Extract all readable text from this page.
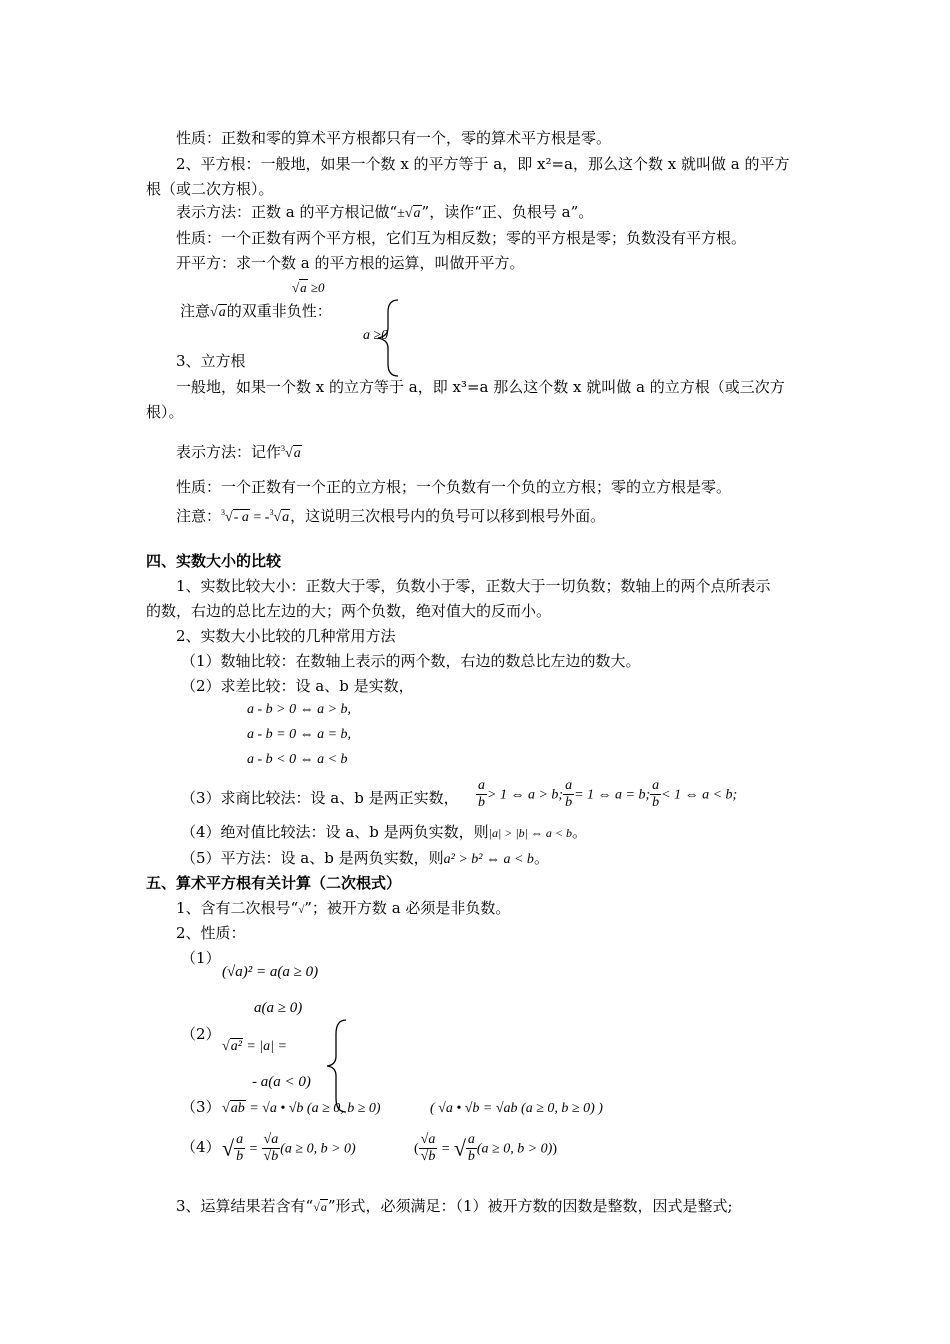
性质：正数和零的算术平方根都只有一个，零的算术平方根是零。
2、平方根：一般地，如果一个数 x 的平方等于 a，即 x²=a，那么这个数 x 就叫做 a 的平方
根（或二次方根）。
表示方法：正数 a 的平方根记做“±√a”，读作“正、负根号 a”。
性质：一个正数有两个平方根，它们互为相反数；零的平方根是零；负数没有平方根。
开平方：求一个数 a 的平方根的运算，叫做开平方。
√a ≥0
注意√a的双重非负性：
a ≥0
3、立方根
一般地，如果一个数 x 的立方等于 a，即 x³=a 那么这个数 x 就叫做 a 的立方根（或三次方
根）。
表示方法：记作$^3$√a
性质：一个正数有一个正的立方根；一个负数有一个负的立方根；零的立方根是零。
注意：$^3$√- a = -$^3$√a，这说明三次根号内的负号可以移到根号外面。
四、实数大小的比较
1、实数比较大小：正数大于零，负数小于零，正数大于一切负数；数轴上的两个点所表示
的数，右边的总比左边的大；两个负数，绝对值大的反而小。
2、实数大小比较的几种常用方法
（1）数轴比较：在数轴上表示的两个数，右边的数总比左边的数大。
（2）求差比较：设 a、b 是实数，
a - b > 0 ⇔ a > b,
a - b = 0 ⇔ a = b,
a - b < 0 ⇔ a < b
（3）求商比较法：设 a、b 是两正实数， $\frac{a}{b} > 1$ ⇔ a > b; $\frac{a}{b} = 1$ ⇔ a = b; $\frac{a}{b} < 1$ ⇔ a < b;
（4）绝对值比较法：设 a、b 是两负实数，则|a| > |b| ⇔ a < b。
（5）平方法：设 a、b 是两负实数，则a² > b² ⇔ a < b。
五、算术平方根有关计算（二次根式）
1、含有二次根号“√”；被开方数 a 必须是非负数。
2、性质：
（1）
(√a)² = a(a ≥ 0)
a(a ≥ 0)
（2）
√a² = |a| =
- a(a < 0)
（3） √ab = √a • √b (a ≥ 0, b ≥ 0)	( √a • √b = √ab (a ≥ 0, b ≥ 0) )
（4） √ $\frac{a}{b} = \frac{√a}{√b} (a \ge 0$, b > 0)	( $\frac{√a}{√b}$ = √ $\frac{a}{b} (a \ge 0$, b > 0))
3、运算结果若含有“√a”形式，必须满足：（1）被开方数的因数是整数，因式是整式;
